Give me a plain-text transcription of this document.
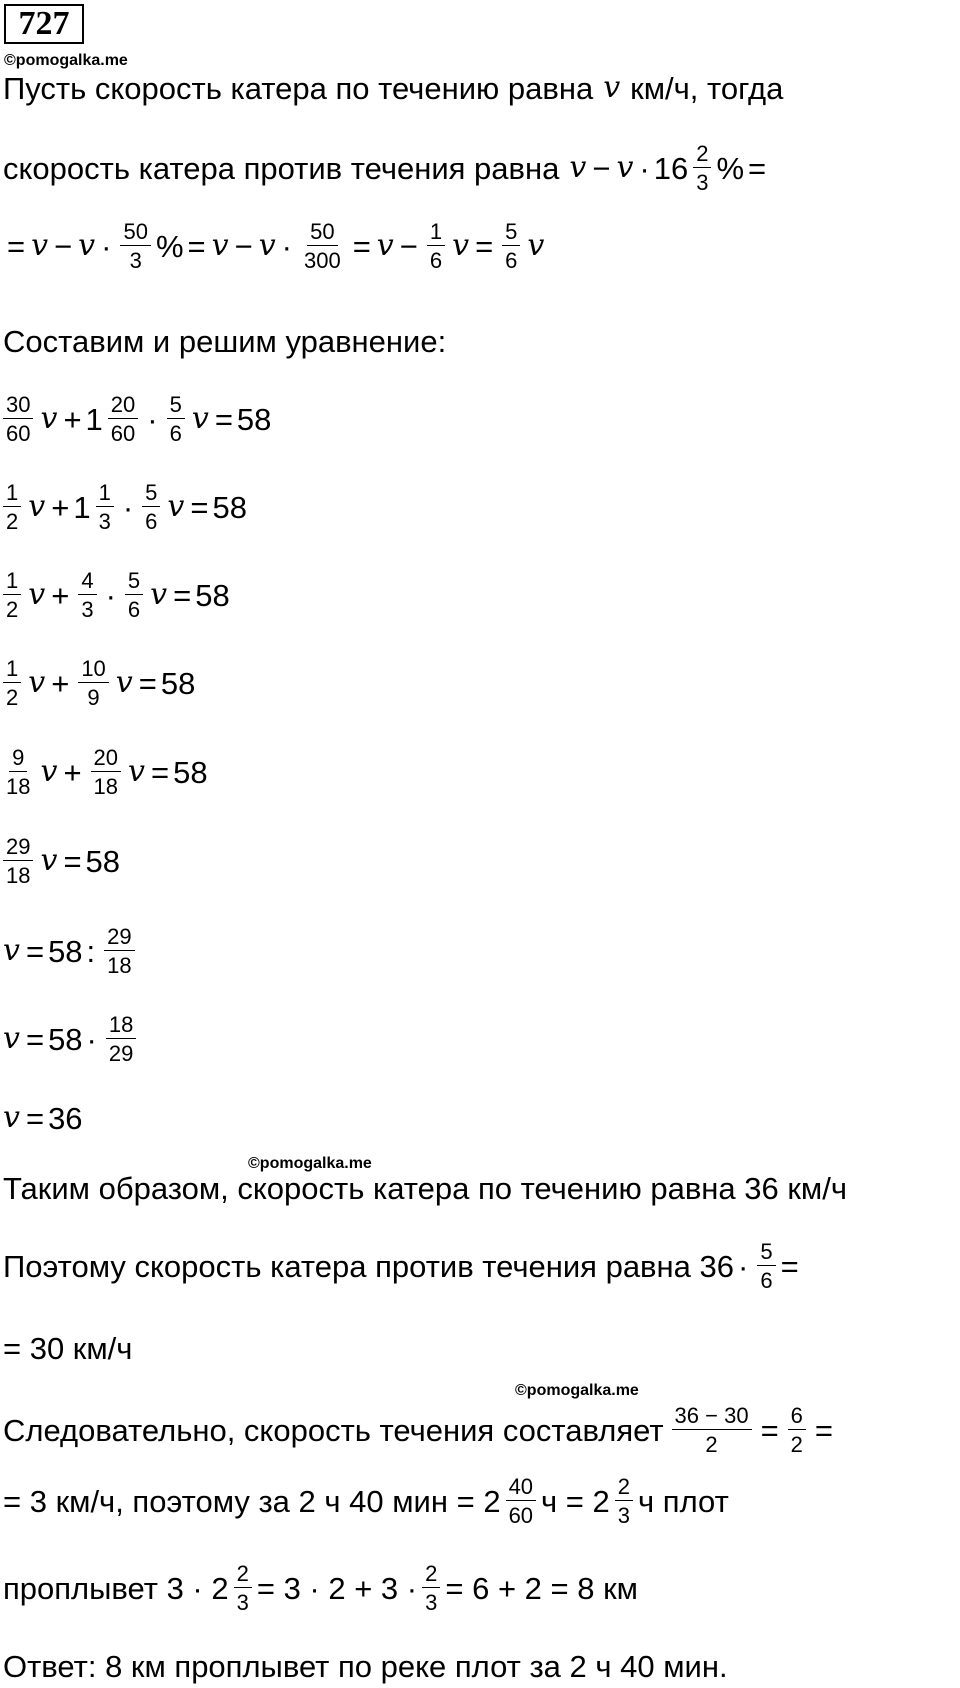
727
©pomogalka.me
Пусть скорость катера по течению равна v км/ч, тогда
скорость катера против течения равна $v - v \cdot 16 \frac{2}{3}$ % =
= $v - v \cdot \frac{50}{3}$ % = $v - v \cdot \frac{50}{300} = v - \frac{1}{6}$ $v = \frac{5}{6}$ v
Составим и решим уравнение:
$\frac{30}{60}$ $v + 1 \frac{20}{60} \cdot \frac{5}{6}$ v = 58
$\frac{1}{2}$ $v + 1 \frac{1}{3} \cdot \frac{5}{6}$ v = 58
$\frac{1}{2}$ $v + \frac{4}{3} \cdot \frac{5}{6}$ v = 58
$\frac{1}{2}$ $v + \frac{10}{9}$ v = 58
$\frac{9}{18}$ $v + \frac{20}{18}$ v = 58
$\frac{29}{18}$ v = 58
v = 58 : $\frac{29}{18}$
$v = 58 \cdot \frac{18}{29}$
v = 36
©pomogalka.me
Таким образом, скорость катера по течению равна 36 км/ч
Поэтому скорость катера против течения равна $36 \cdot \frac{5}{6}$ =
= 30 км/ч
©pomogalka.me
Следовательно, скорость течения составляет $\frac{36 - 30}{2} = \frac{6}{2}$ =
= 3 км/ч, поэтому за 2 ч 40 мин = $2 \frac{40}{60}$ $ч = 2 \frac{2}{3}$ ч плот
проплывет $3 \cdot 2 \frac{2}{3} = 3 \cdot 2 + 3 \cdot \frac{2}{3} = 6 + 2 = 8$ км
Ответ: 8 км проплывет по реке плот за 2 ч 40 мин.
